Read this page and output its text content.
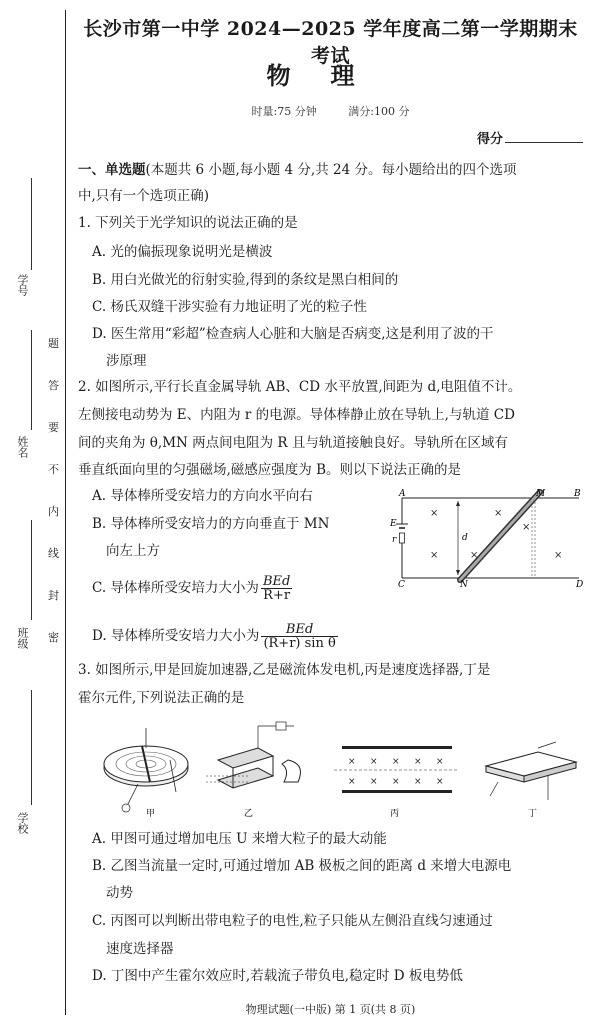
题
答
要
不
内
线
封
密
学号
姓名
班级
学校
长沙市第一中学 2024—2025 学年度高二第一学期期末考试
物理
时量:75 分钟	满分:100 分
得分
一、单选题(本题共 6 小题,每小题 4 分,共 24 分。每小题给出的四个选项
中,只有一个选项正确)
1. 下列关于光学知识的说法正确的是
A. 光的偏振现象说明光是横波
B. 用白光做光的衍射实验,得到的条纹是黑白相间的
C. 杨氏双缝干涉实验有力地证明了光的粒子性
D. 医生常用“彩超”检查病人心脏和大脑是否病变,这是利用了波的干
涉原理
2. 如图所示,平行长直金属导轨 AB、CD 水平放置,间距为 d,电阻值不计。
左侧接电动势为 E、内阻为 r 的电源。导体棒静止放在导轨上,与轨道 CD
间的夹角为 θ,MN 两点间电阻为 R 且与轨道接触良好。导轨所在区域有
垂直纸面向里的匀强磁场,磁感应强度为 B。则以下说法正确的是
A. 导体棒所受安培力的方向水平向右
B. 导体棒所受安培力的方向垂直于 MN
向左上方
C. 导体棒所受安培力大小为 $\frac{\text{BEd}}{R+r}$
D. 导体棒所受安培力大小为 $\frac{\text{BEd}}{\text{(R+r) sin θ}}$
×	×
×
×	×	×
A	M	B
C	N	D
E
r	d
3. 如图所示,甲是回旋加速器,乙是磁流体发电机,丙是速度选择器,丁是
霍尔元件,下列说法正确的是
甲	乙
× × × × ×
× × × × ×
丙	丁
A. 甲图可通过增加电压 U 来增大粒子的最大动能
B. 乙图当流量一定时,可通过增加 AB 极板之间的距离 d 来增大电源电
动势
C. 丙图可以判断出带电粒子的电性,粒子只能从左侧沿直线匀速通过
速度选择器
D. 丁图中产生霍尔效应时,若载流子带负电,稳定时 D 板电势低
物理试题(一中版) 第 1 页(共 8 页)
